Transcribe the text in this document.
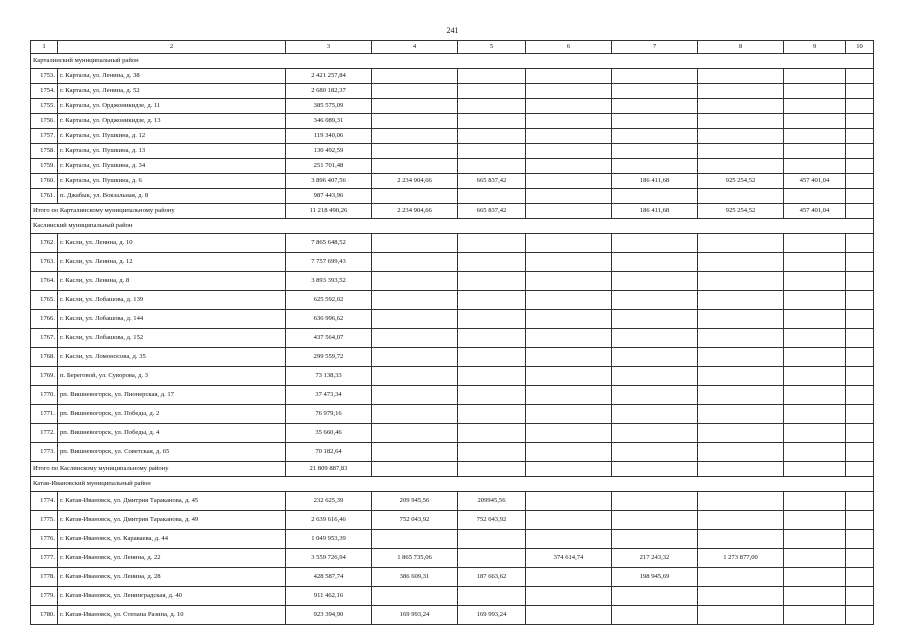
241
1	2	3	4	5	6	7	8	9	10
Карталинский муниципальный район									
1753.	г. Карталы, ул. Ленина, д. 38	2 421 257,84							
1754.	г. Карталы, ул. Ленина, д. 52	2 680 182,37							
1755.	г. Карталы, ул. Орджоникидзе, д. 11	385 575,09							
1756.	г. Карталы, ул. Орджоникидзе, д. 13	346 089,31							
1757.	г. Карталы, ул. Пушкина, д. 12	119 340,06							
1758.	г. Карталы, ул. Пушкина, д. 13	130 492,59							
1759.	г. Карталы, ул. Пушкина, д. 34	251 701,48							
1760.	г. Карталы, ул. Пушкина, д. 6	3 896 407,56	2 234 904,66	665 837,42		186 411,68	925 254,52	457 401,04	
1761.	п. Джабык, ул. Вокзальная, д. 8	987 443,96							
Итого по Карталинскому муниципальному району		11 218 490,26	2 234 904,66	665 837,42		186 411,68	925 254,52	457 401,04	
Каслинский муниципальный район									
1762.	г. Касли, ул. Ленина, д. 10	7 865 648,52							
1763.	г. Касли, ул. Ленина, д. 12	7 757 699,43							
1764.	г. Касли, ул. Ленина, д. 8	3 893 393,52							
1765.	г. Касли, ул. Лобашова, д. 139	625 592,02							
1766.	г. Касли, ул. Лобашова, д. 144	636 996,62							
1767.	г. Касли, ул. Лобашова, д. 152	437 564,07							
1768.	г. Касли, ул. Ломоносова, д. 35	299 559,72							
1769.	п. Береговой, ул. Суворова, д. 3	73 138,33							
1770.	рп. Вишневогорск, ул. Пионерская, д. 17	37 473,34							
1771.	рп. Вишневогорск, ул. Победы, д. 2	76 979,16							
1772.	рп. Вишневогорск, ул. Победы, д. 4	35 660,46							
1773.	рп. Вишневогорск, ул. Советская, д. 65	70 182,64							
Итого по Каслинскому муниципальному району		21 809 887,83							
Катав-Ивановский муниципальный район									
1774.	г. Катав-Ивановск, ул. Дмитрия Тараканова, д. 45	232 625,39	209 945,56	209945,56					
1775.	г. Катав-Ивановск, ул. Дмитрия Тараканова, д. 49	2 639 616,46	752 043,92	752 043,92					
1776.	г. Катав-Ивановск, ул. Караваева, д. 44	1 049 953,39							
1777.	г. Катав-Ивановск, ул. Ленина, д. 22	3 559 726,94	1 865 735,06		374 614,74	217 243,32	1 273 877,00		
1778.	г. Катав-Ивановск, ул. Ленина, д. 28	428 587,74	386 609,31	187 663,62		198 945,69			
1779.	г. Катав-Ивановск, ул. Ленинградская, д. 40	911 462,16							
1780.	г. Катав-Ивановск, ул. Степана Разина, д. 10	923 394,90	169 993,24	169 993,24					
